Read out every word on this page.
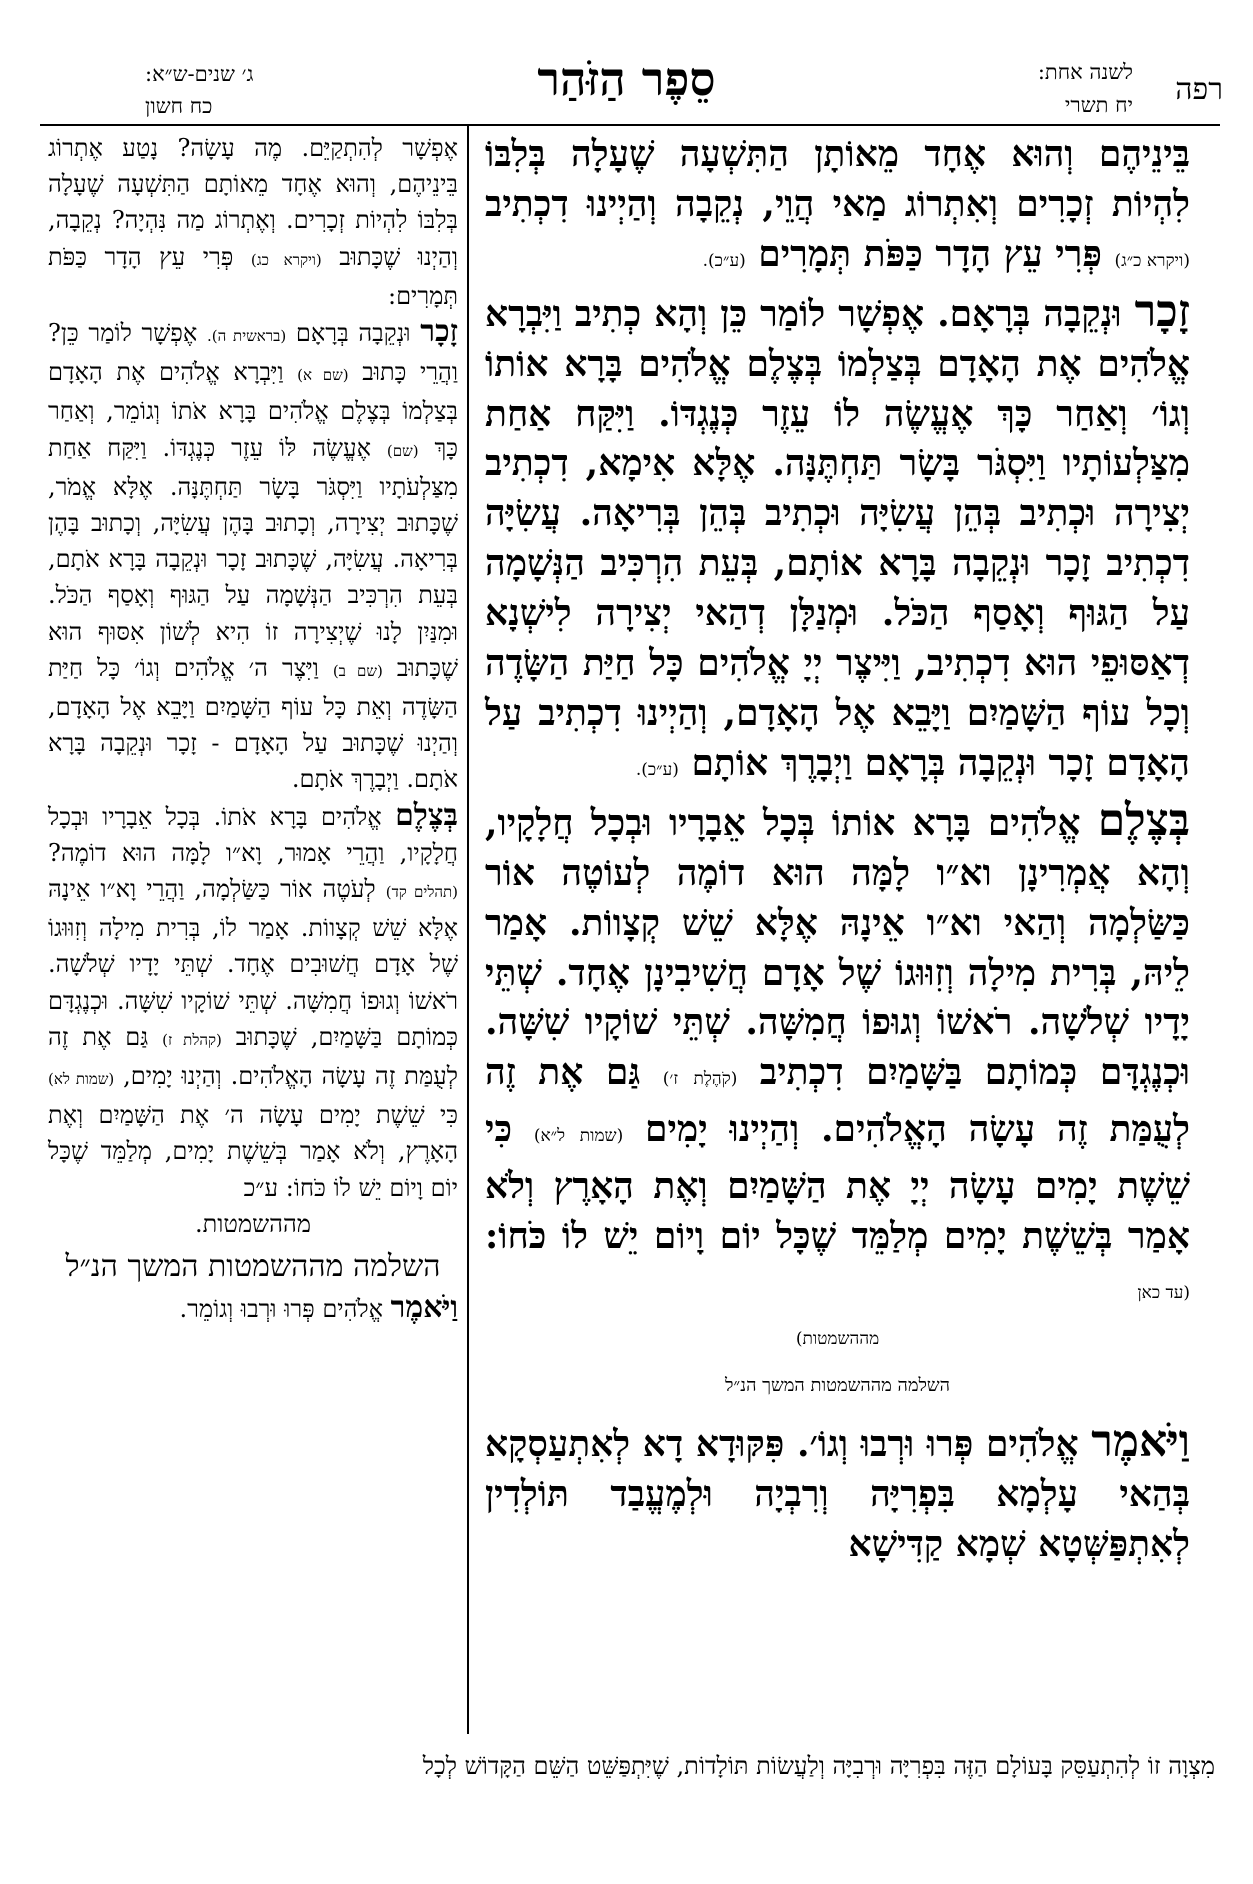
רפה
לשנה אחת:
יח תשרי
סֵפֶר הַזֹּהַר
ג׳ שנים-ש״א:
כח חשון

בֵּינֵיהֶם וְהוּא אֶחָד מֵאוֹתָן הַתִּשְׁעָה שֶׁעָלָה בְּלִבּוֹ לִהְיוֹת זְכָרִים וְאִתְרוֹג מַאי הֲוֵי, נְקֵבָה וְהַיְינוּ דִכְתִיב (ויקרא כ״ג) פְּרִי עֵץ הָדָר כַּפֹּת תְּמָרִים (ע״כ).

זָכָר וּנְקֵבָה בְּרָאָם. אֶפְשָׁר לוֹמַר כֵּן וְהָא כְתִיב וַיִּבְרָא אֱלֹהִים אֶת הָאָדָם בְּצַלְמוֹ בְּצֶלֶם אֱלֹהִים בָּרָא אוֹתוֹ וְגוֹ׳ וְאַחַר כָּךְ אֶעֱשֶׂה לוֹ עֵזֶר כְּנֶגְדּוֹ. וַיִּקַּח אַחַת מִצַּלְעוֹתָיו וַיִּסְגֹּר בָּשָׂר תַּחְתֶּנָּה. אֶלָּא אִימָא, דִכְתִיב יְצִירָה וּכְתִיב בְּהֵן עֲשִׂיָּה וּכְתִיב בְּהֵן בְּרִיאָה. עֲשִׂיָּה דִכְתִיב זָכָר וּנְקֵבָה בָּרָא אוֹתָם, בְּעֵת הִרְכִּיב הַנְּשָׁמָה עַל הַגּוּף וְאָסַף הַכֹּל. וּמְנַלָּן דְהַאי יְצִירָה לִישְׁנָא דְאַסּוּפֵי הוּא דִכְתִיב, וַיִּיצֶר יְיָ אֱלֹהִים כָּל חַיַּת הַשָּׂדֶה וְכָל עוֹף הַשָּׁמַיִם וַיָּבֵא אֶל הָאָדָם, וְהַיְינוּ דִכְתִיב עַל הָאָדָם זָכָר וּנְקֵבָה בְּרָאָם וַיְבָרֶךְ אוֹתָם (ע״כ).

בְּצֶלֶם אֱלֹהִים בָּרָא אוֹתוֹ בְּכָל אֵבָרָיו וּבְכָל חֲלָקָיו, וְהָא אֲמְרִינָן וא״ו לָמָּה הוּא דוֹמֶה לְעוֹטֶה אוֹר כַּשַּׂלְמָה וְהַאי וא״ו אֵינָהּ אֶלָּא שֵׁשׁ קְצָווֹת. אָמַר לֵיהּ, בְּרִית מִילָה וְזִוּוּגוֹ שֶׁל אָדָם חֲשִׁיבִינָן אֶחָד. שְׁתֵּי יָדָיו שְׁלֹשָׁה. רֹאשׁוֹ וְגוּפוֹ חֲמִשָּׁה. שְׁתֵּי שׁוֹקָיו שִׁשָּׁה. וּכְנֶגְדָּם כְּמוֹתָם בַּשָּׁמַיִם דִכְתִיב (קֹהֶלֶת ז׳) גַּם אֶת זֶה לְעֻמַּת זֶה עָשָׂה הָאֱלֹהִים. וְהַיְינוּ יָמִים (שמות ל״א) כִּי שֵׁשֶׁת יָמִים עָשָׂה יְיָ אֶת הַשָּׁמַיִם וְאֶת הָאָרֶץ וְלֹא אָמַר בְּשֵׁשֶׁת יָמִים מְלַמֵּד שֶׁכָּל יוֹם וָיוֹם יֵשׁ לוֹ כֹּחוֹ: (עד כאן

מההשמטות)
השלמה מההשמטות המשך הנ״ל

וַיֹּאמֶר אֱלֹהִים פְּרוּ וּרְבוּ וְגוֹ׳. פִּקּוּדָא דָא לְאִתְעַסְקָא בְּהַאי עָלְמָא בִּפְרִיָּה וְרִבְיָה וּלְמֶעֱבַד תּוֹלְדִין לְאִתְפַּשְּׁטָא שְׁמָא קַדִּישָׁא

אֶפְשָׁר לְהִתְקַיֵּם. מֶה עָשָׂה? נָטַע אֶתְרוֹג בֵּינֵיהֶם, וְהוּא אֶחָד מֵאוֹתָם הַתִּשְׁעָה שֶׁעָלָה בְּלִבּוֹ לִהְיוֹת זְכָרִים. וְאֶתְרוֹג מַה נִּהְיָה? נְקֵבָה, וְהַיְנוּ שֶׁכָּתוּב (ויקרא כג) פְּרִי עֵץ הָדָר כַּפֹּת תְּמָרִים:

זָכָר וּנְקֵבָה בְּרָאָם (בראשית ה). אֶפְשָׁר לוֹמַר כֵּן? וַהֲרֵי כָּתוּב (שם א) וַיִּבְרָא אֱלֹהִים אֶת הָאָדָם בְּצַלְמוֹ בְּצֶלֶם אֱלֹהִים בָּרָא אֹתוֹ וְגוֹמֵר, וְאַחַר כָּךְ (שם) אֶעֱשֶׂה לּוֹ עֵזֶר כְּנֶגְדּוֹ. וַיִּקַּח אַחַת מִצַּלְעֹתָיו וַיִּסְגֹּר בָּשָׂר תַּחְתֶּנָּה. אֶלָּא אֱמֹר, שֶׁכָּתוּב יְצִירָה, וְכָתוּב בָּהֶן עֲשִׂיָּה, וְכָתוּב בָּהֶן בְּרִיאָה. עֲשִׂיָּה, שֶׁכָּתוּב זָכָר וּנְקֵבָה בָּרָא אֹתָם, בְּעֵת הִרְכִּיב הַנְּשָׁמָה עַל הַגּוּף וְאָסַף הַכֹּל. וּמִנַּיִן לָנוּ שֶׁיְצִירָה זוֹ הִיא לְשׁוֹן אִסּוּף הוּא שֶׁכָּתוּב (שם ב) וַיִּצֶר ה׳ אֱלֹהִים וְגוֹ׳ כָּל חַיַּת הַשָּׂדֶה וְאֵת כָּל עוֹף הַשָּׁמַיִם וַיָּבֵא אֶל הָאָדָם, וְהַיְנוּ שֶׁכָּתוּב עַל הָאָדָם - זָכָר וּנְקֵבָה בָּרָא אֹתָם. וַיְבָרֶךְ אֹתָם.

בְּצֶלֶם אֱלֹהִים בָּרָא אֹתוֹ. בְּכָל אֵבָרָיו וּבְכָל חֲלָקָיו, וַהֲרֵי אָמוּר, וָא״ו לָמָּה הוּא דוֹמֶה? (תהלים קד) לְעֹטֶה אוֹר כַּשַּׂלְמָה, וַהֲרֵי וָא״ו אֵינָהּ אֶלָּא שֵׁשׁ קְצָווֹת. אָמַר לוֹ, בְּרִית מִילָה וְזִוּוּגוֹ שֶׁל אָדָם חֲשׁוּבִים אֶחָד. שְׁתֵּי יָדָיו שְׁלֹשָׁה. רֹאשׁוֹ וְגוּפוֹ חֲמִשָּׁה. שְׁתֵּי שׁוֹקָיו שִׁשָּׁה. וּכְנֶגְדָּם כְּמוֹתָם בַּשָּׁמַיִם, שֶׁכָּתוּב (קהלת ז) גַּם אֶת זֶה לְעֻמַּת זֶה עָשָׂה הָאֱלֹהִים. וְהַיְנוּ יָמִים, (שמות לא) כִּי שֵׁשֶׁת יָמִים עָשָׂה ה׳ אֶת הַשָּׁמַיִם וְאֶת הָאָרֶץ, וְלֹא אָמַר בְּשֵׁשֶׁת יָמִים, מְלַמֵּד שֶׁכָּל יוֹם וָיוֹם יֵשׁ לוֹ כֹּחוֹ: ע״כ

מההשמטות.
השלמה מההשמטות המשך הנ״ל

וַיֹּאמֶר אֱלֹהִים פְּרוּ וּרְבוּ וְגוֹמֵר.

מִצְוָה זוֹ לְהִתְעַסֵּק בָּעוֹלָם הַזֶּה בִּפְרִיָּה וּרְבִיָּה וְלַעֲשׂוֹת תּוֹלָדוֹת, שֶׁיִּתְפַּשֵּׁט הַשֵּׁם הַקָּדוֹשׁ לְכָל
